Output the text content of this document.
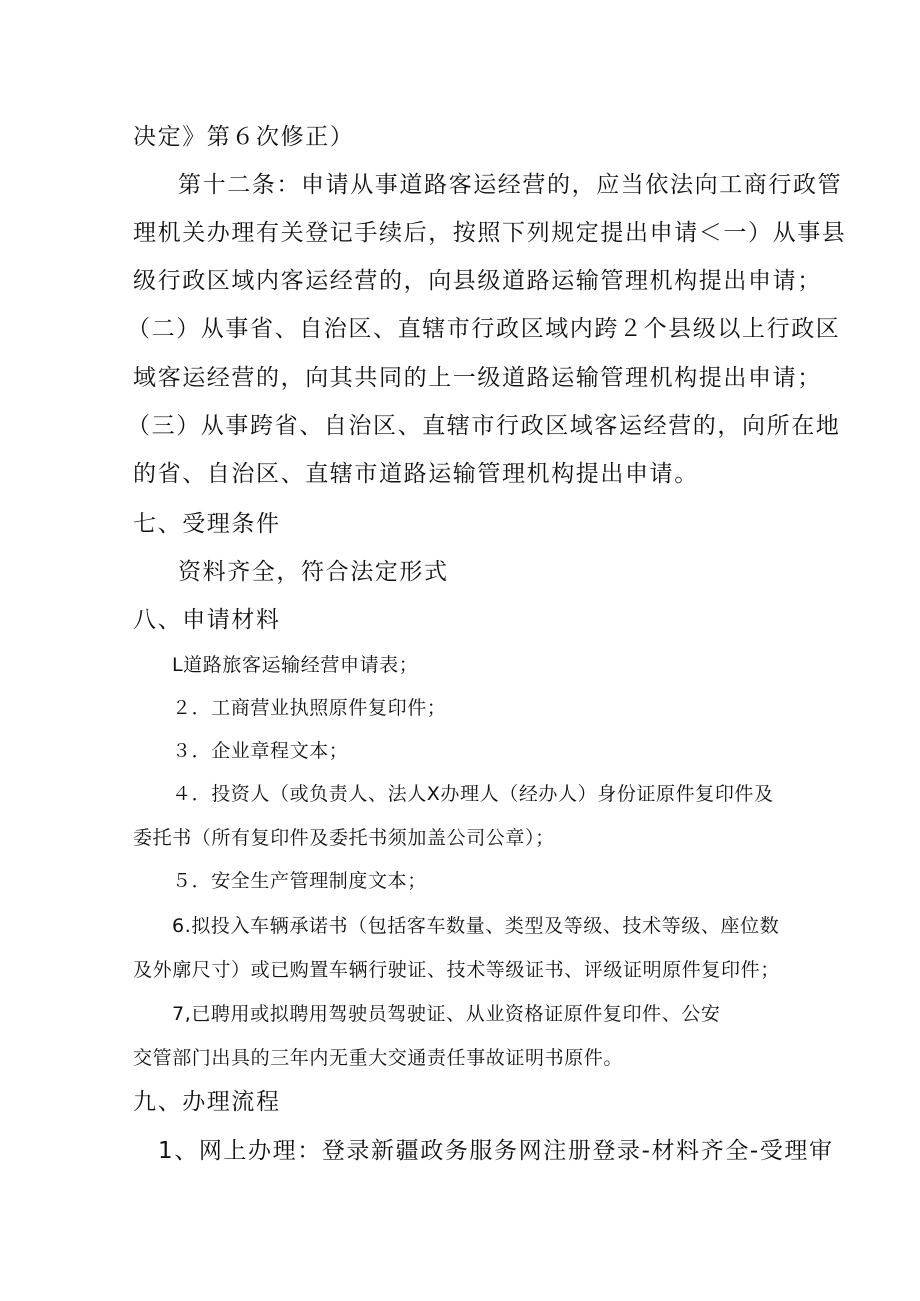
决定》第６次修正）

第十二条：申请从事道路客运经营的，应当依法向工商行政管

理机关办理有关登记手续后，按照下列规定提出申请＜一）从事县

级行政区域内客运经营的，向县级道路运输管理机构提出申请；

（二）从事省、自治区、直辖市行政区域内跨２个县级以上行政区

域客运经营的，向其共同的上一级道路运输管理机构提出申请；

（三）从事跨省、自治区、直辖市行政区域客运经营的，向所在地

的省、自治区、直辖市道路运输管理机构提出申请。

七、受理条件

资料齐全，符合法定形式

八、申请材料

L道路旅客运输经营申请表；

２．工商营业执照原件复印件；

３．企业章程文本；

４．投资人（或负责人、法人X办理人（经办人）身份证原件复印件及

委托书（所有复印件及委托书须加盖公司公章）；

５．安全生产管理制度文本；

6.拟投入车辆承诺书（包括客车数量、类型及等级、技术等级、座位数

及外廓尺寸）或已购置车辆行驶证、技术等级证书、评级证明原件复印件；

7,已聘用或拟聘用驾驶员驾驶证、从业资格证原件复印件、公安

交管部门出具的三年内无重大交通责任事故证明书原件。

九、办理流程

1、网上办理：登录新疆政务服务网注册登录-材料齐全-受理审
